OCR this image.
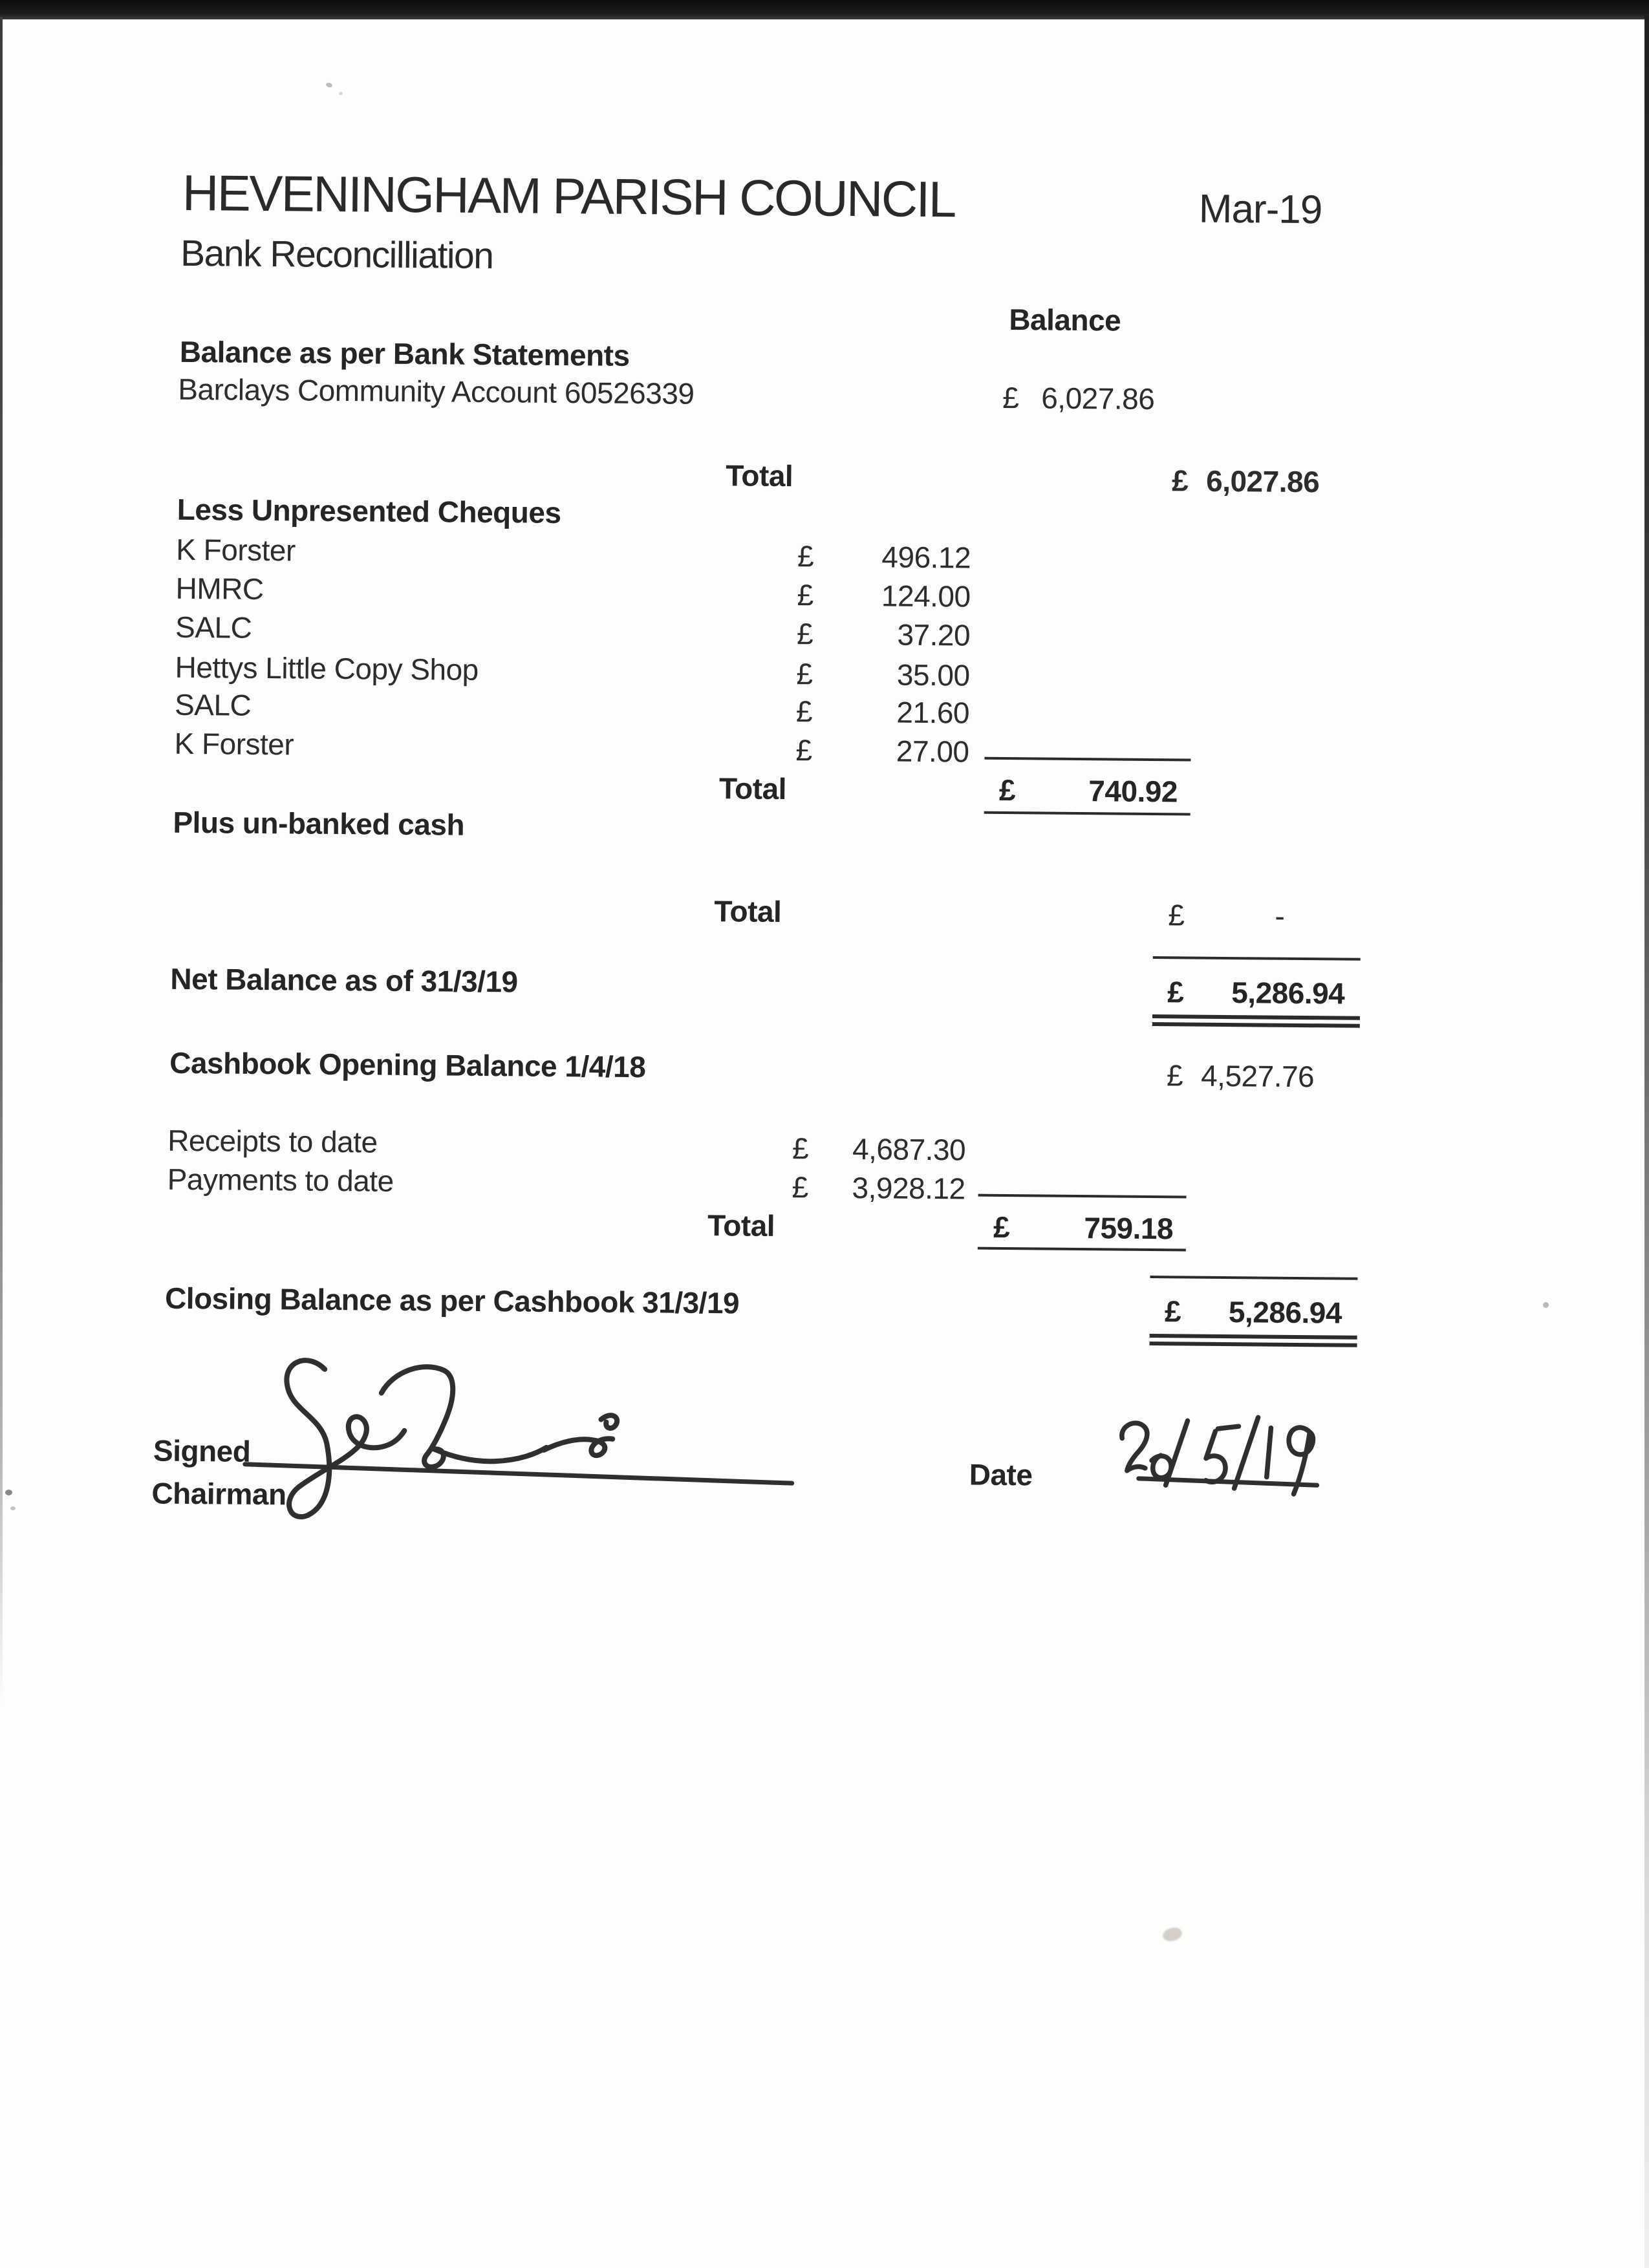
HEVENINGHAM PARISH COUNCIL	Mar-19
Bank Reconcilliation
Balance
Balance as per Bank Statements
Barclays Community Account 60526339	£ 6,027.86
Total	£ 6,027.86
Less Unpresented Cheques
K Forster	£ 496.12
HMRC	£ 124.00
SALC	£	37.20
Hettys Little Copy Shop	£	35.00
SALC	£	21.60
K Forster	£	27.00
Total	£ 740.92
Plus un-banked cash
Total	£	-
Net Balance as of 31/3/19	£ 5,286.94
Cashbook Opening Balance 1/4/18	£ 4,527.76
Receipts to date	£ 4,687.30
Payments to date	£ 3,928.12
Total	£ 759.18
Closing Balance as per Cashbook 31/3/19	£ 5,286.94
Signed
Chairman
Date
